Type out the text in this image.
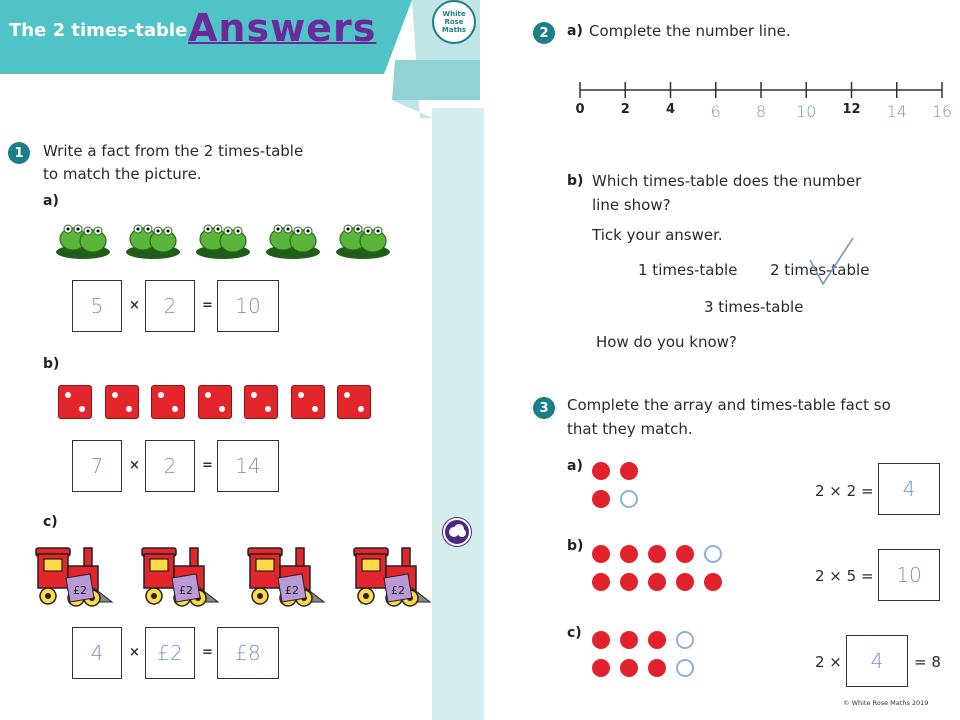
The 2 times-table Answers	White
Rose
Maths
1	Write a fact from the 2 times-table
to match the picture.
a)
5 × 2 = 10
b)
7 × 2 = 14
c)
£2	£2	£2	£2
4 × £2 = £8
2	a) Complete the number line.
0	2	4	6	8	10	12	14	16
b) Which times-table does the number
line show?
Tick your answer.
1 times-table 2 times-table
3 times-table
How do you know?
3	Complete the array and times-table fact so
that they match.
a)
b)
c)
2 × 2 = 4
2 × 5 = 10
2 × 4 = 8
© White Rose Maths 2019
